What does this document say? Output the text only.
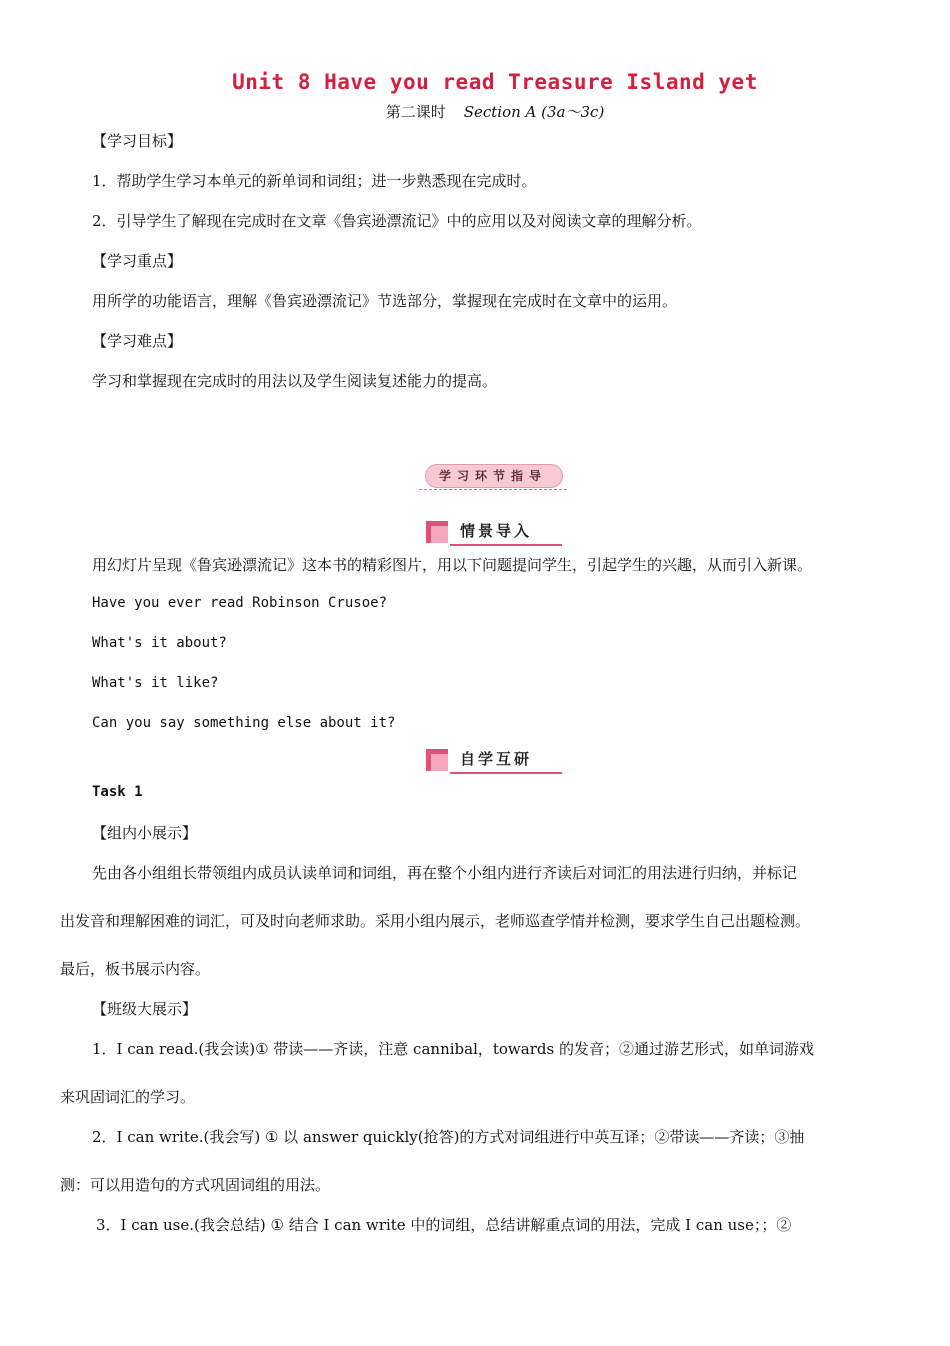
Unit 8 Have you read Treasure Island yet
第二课时 Section A (3a～3c)
【学习目标】
1．帮助学生学习本单元的新单词和词组；进一步熟悉现在完成时。
2．引导学生了解现在完成时在文章《鲁宾逊漂流记》中的应用以及对阅读文章的理解分析。
【学习重点】
用所学的功能语言，理解《鲁宾逊漂流记》节选部分，掌握现在完成时在文章中的运用。
【学习难点】
学习和掌握现在完成时的用法以及学生阅读复述能力的提高。
学习环节指导
情景导入
用幻灯片呈现《鲁宾逊漂流记》这本书的精彩图片，用以下问题提问学生，引起学生的兴趣，从而引入新课。
Have you ever read Robinson Crusoe?
What's it about?
What's it like?
Can you say something else about it?
自学互研
Task 1
【组内小展示】
先由各小组组长带领组内成员认读单词和词组，再在整个小组内进行齐读后对词汇的用法进行归纳，并标记
出发音和理解困难的词汇，可及时向老师求助。采用小组内展示，老师巡查学情并检测，要求学生自己出题检测。
最后，板书展示内容。
【班级大展示】
1．I can read.(我会读)① 带读——齐读，注意 cannibal，towards 的发音；②通过游艺形式，如单词游戏
来巩固词汇的学习。
2．I can write.(我会写) ① 以 answer quickly(抢答)的方式对词组进行中英互译；②带读——齐读；③抽
测：可以用造句的方式巩固词组的用法。
3．I can use.(我会总结) ① 结合 I can write 中的词组，总结讲解重点词的用法，完成 I can use；；②
